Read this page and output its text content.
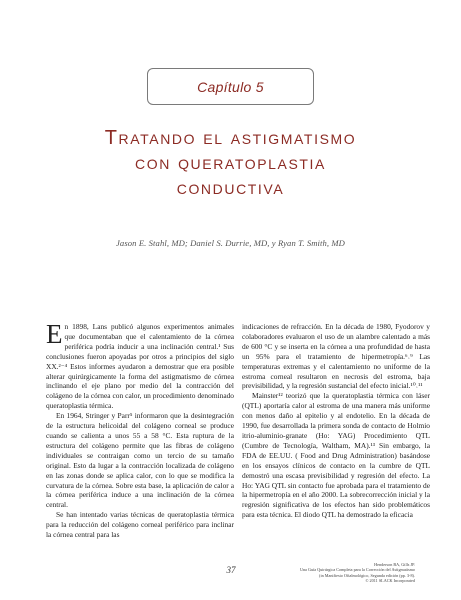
Capítulo 5
Tratando el astigmatismo
con queratoplastia
conductiva
Jason E. Stahl, MD; Daniel S. Durrie, MD, y Ryan T. Smith, MD

En 1898, Lans publicó algunos experimentos animales que documentaban que el calentamiento de la córnea periférica podría inducir a una inclinación central.¹ Sus conclusiones fueron apoyadas por otros a principios del siglo XX.²⁻⁴ Estos informes ayudaron a demostrar que era posible alterar quirúrgicamente la forma del astigmatismo de córnea inclinando el eje plano por medio del la contracción del colágeno de la córnea con calor, un procedimiento denominado queratoplastia térmica.

En 1964, Stringer y Parr⁵ informaron que la desintegración de la estructura helicoidal del colágeno corneal se produce cuando se calienta a unos 55 a 58 °C. Esta ruptura de la estructura del colágeno permite que las fibras de colágeno individuales se contraigan como un tercio de su tamaño original. Esto da lugar a la contracción localizada de colágeno en las zonas donde se aplica calor, con lo que se modifica la curvatura de la córnea. Sobre esta base, la aplicación de calor a la córnea periférica induce a una inclinación de la córnea central.

Se han intentado varias técnicas de queratoplastia térmica para la reducción del colágeno corneal periférico para inclinar la córnea central para las

indicaciones de refracción. En la década de 1980, Fyodorov y colaboradores evaluaron el uso de un alambre calentado a más de 600 °C y se inserta en la córnea a una profundidad de hasta un 95% para el tratamiento de hipermetropía.⁶˒⁹ Las temperaturas extremas y el calentamiento no uniforme de la estroma corneal resultaron en necrosis del estroma, baja previsibilidad, y la regresión sustancial del efecto inicial.¹⁰˒¹¹

Mainster¹² teorizó que la queratoplastia térmica con láser (QTL) aportaría calor al estroma de una manera más uniforme con menos daño al epitelio y al endotelio. En la década de 1990, fue desarrollada la primera sonda de contacto de Holmio itrio-aluminio-granate (Ho: YAG) Procedimiento QTL (Cumbre de Tecnología, Waltham, MA).¹³ Sin embargo, la FDA de EE.UU. ( Food and Drug Administration) basándose en los ensayos clínicos de contacto en la cumbre de QTL demostró una escasa previsibilidad y regresión del efecto. La Ho: YAG QTL sin contacto fue aprobada para el tratamiento de la hipermetropía en el año 2000. La sobrecorrección inicial y la regresión significativa de los efectos han sido problemáticos para esta técnica. El diodo QTL ha demostrado la eficacia

37
Henderson BA, Gills JP.
Una Guía Quirúrgica Completa para la Corrección del Astigmatismo
(in Manifiesto Oftalmológico, Segunda edición (pp. 3-8).
© 2011 SLACK Incorporated
